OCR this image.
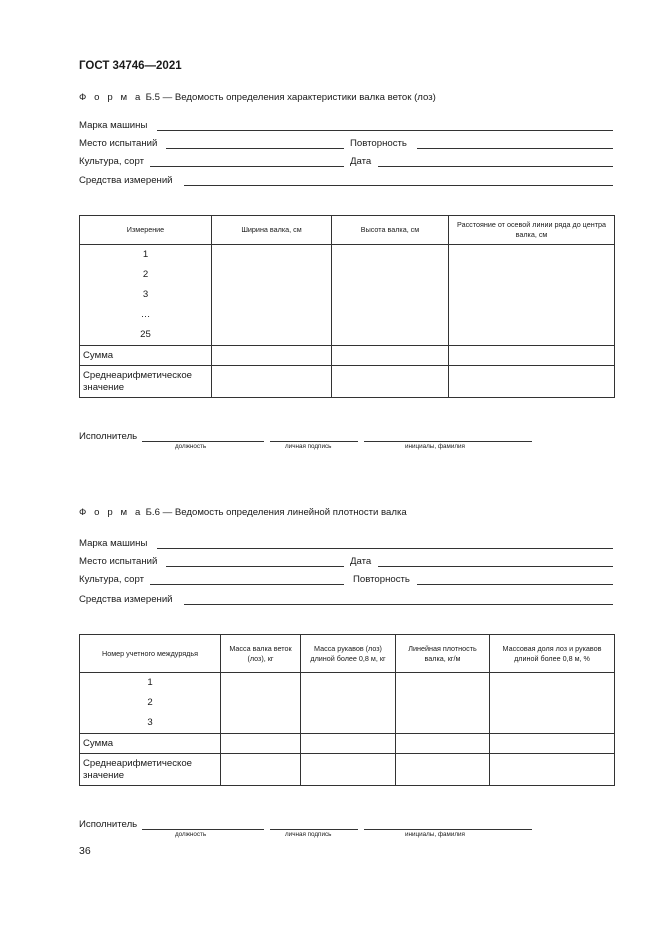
ГОСТ 34746—2021
Ф о р м а Б.5 — Ведомость определения характеристики валка веток (лоз)
Марка машины
Место испытаний	Повторность
Культура, сорт	Дата
Средства измерений
Измерение	Ширина валка, см	Высота валка, см	Расстояние от осевой линии ряда до центра валка, см

1
2
3
…
25			

Сумма			
Среднеарифметическое значение			
Исполнитель
должность	личная подпись	инициалы, фамилия
Ф о р м а Б.6 — Ведомость определения линейной плотности валка
Марка машины
Место испытаний	Дата
Культура, сорт	Повторность
Средства измерений
Номер учетного междурядья	Масса валка веток (лоз), кг	Масса рукавов (лоз) длиной более 0,8 м, кг	Линейная плотность валка, кг/м	Массовая доля лоз и рукавов длиной более 0,8 м, %

1
2
3				

Сумма				
Среднеарифметическое значение				
Исполнитель
должность	личная подпись	инициалы, фамилия
36
